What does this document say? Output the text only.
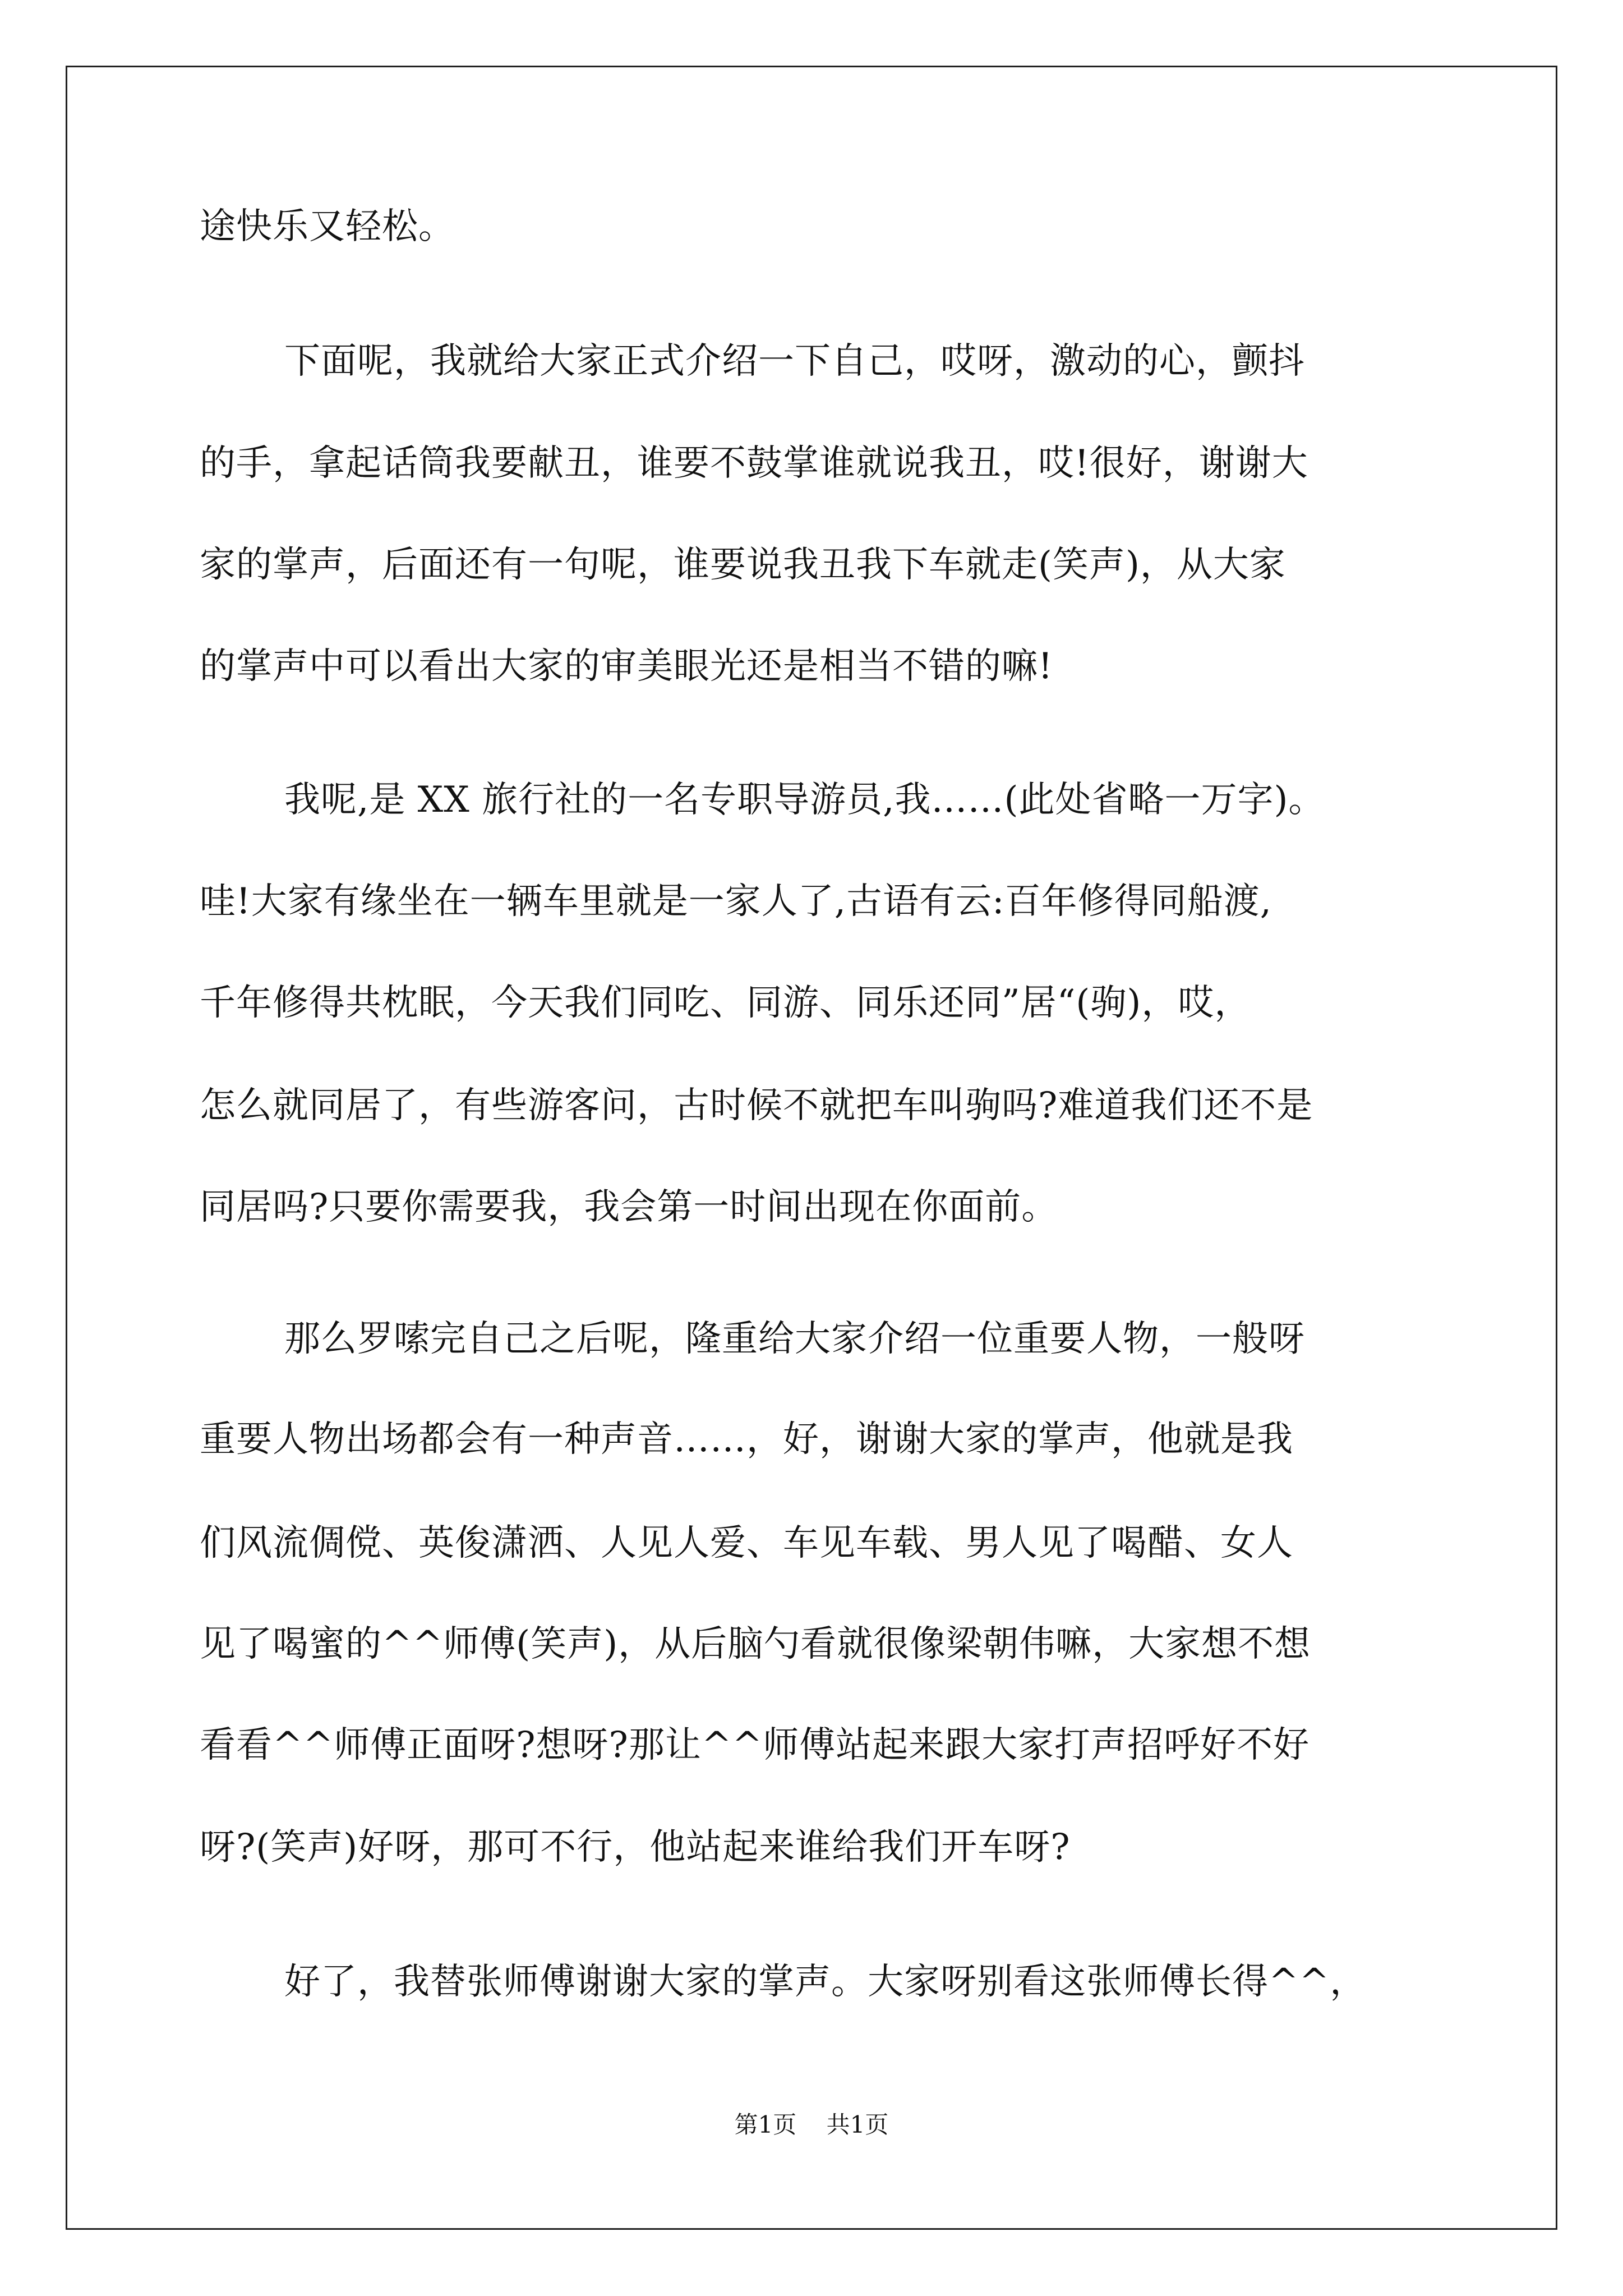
途快乐又轻松。
下面呢，我就给大家正式介绍一下自己，哎呀，激动的心，颤抖
的手，拿起话筒我要献丑，谁要不鼓掌谁就说我丑，哎!很好，谢谢大
家的掌声，后面还有一句呢，谁要说我丑我下车就走(笑声)，从大家
的掌声中可以看出大家的审美眼光还是相当不错的嘛!
我呢,是 XX 旅行社的一名专职导游员,我……(此处省略一万字)。
哇!大家有缘坐在一辆车里就是一家人了,古语有云:百年修得同船渡,
千年修得共枕眠，今天我们同吃、同游、同乐还同”居“(驹)，哎，
怎么就同居了，有些游客问，古时候不就把车叫驹吗?难道我们还不是
同居吗?只要你需要我，我会第一时间出现在你面前。
那么罗嗦完自己之后呢，隆重给大家介绍一位重要人物，一般呀
重要人物出场都会有一种声音……，好，谢谢大家的掌声，他就是我
们风流倜傥、英俊潇洒、人见人爱、车见车载、男人见了喝醋、女人
见了喝蜜的^^师傅(笑声)，从后脑勺看就很像梁朝伟嘛，大家想不想
看看^^师傅正面呀?想呀?那让^^师傅站起来跟大家打声招呼好不好
呀?(笑声)好呀，那可不行，他站起来谁给我们开车呀?
好了，我替张师傅谢谢大家的掌声。大家呀别看这张师傅长得^^，
第1页    共1页
